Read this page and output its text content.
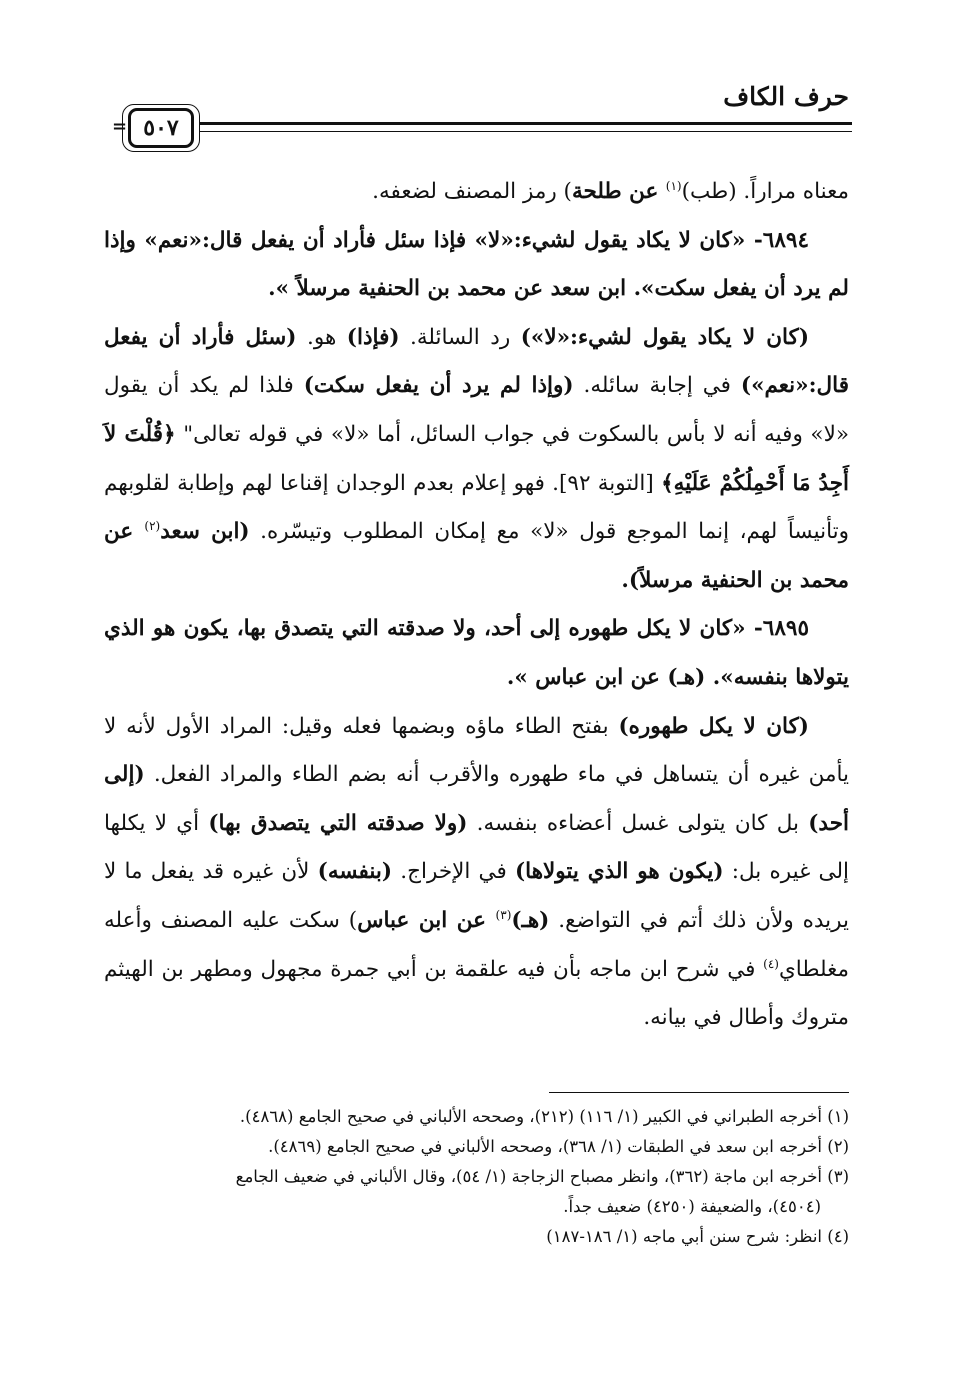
حرف الكاف
٥٠٧
=

معناه مراراً. (طب)$^{(١)}$ عن طلحة) رمز المصنف لضعفه.

٦٨٩٤- «كان لا يكاد يقول لشيء:«لا» فإذا سئل فأراد أن يفعل قال:«نعم» وإذا لم يرد أن يفعل سكت». ابن سعد عن محمد بن الحنفية مرسلاً ».

(كان لا يكاد يقول لشيء:«لا») رد السائلة. (فإذا) هو. (سئل فأراد أن يفعل قال:«نعم») في إجابة سائله. (وإذا لم يرد أن يفعل سكت) فلذا لم يكد أن يقول «لا» وفيه أنه لا بأس بالسكوت في جواب السائل، أما «لا» في قوله تعالى" ﴿قُلْتَ لاَ أَجِدُ مَا أَحْمِلُكُمْ عَلَيْهِ﴾ [التوبة ٩٢]. فهو إعلام بعدم الوجدان إقناعا لهم وإطابة لقلوبهم وتأنيساً لهم، إنما الموجع قول «لا» مع إمكان المطلوب وتيسّره. (ابن سعد$^{(٢)}$ عن محمد بن الحنفية مرسلاً).

٦٨٩٥- «كان لا يكل طهوره إلى أحد، ولا صدقته التي يتصدق بها، يكون هو الذي يتولاها بنفسه». (هـ) عن ابن عباس ».

(كان لا يكل طهوره) بفتح الطاء ماؤه وبضمها فعله وقيل: المراد الأول لأنه لا يأمن غيره أن يتساهل في ماء طهوره والأقرب أنه بضم الطاء والمراد الفعل. (إلى أحد) بل كان يتولى غسل أعضاءه بنفسه. (ولا صدقته التي يتصدق بها) أي لا يكلها إلى غيره بل: (يكون هو الذي يتولاها) في الإخراج. (بنفسه) لأن غيره قد يفعل ما لا يريده ولأن ذلك أتم في التواضع. (هـ)$^{(٣)}$ عن ابن عباس) سكت عليه المصنف وأعله مغلطاي$^{(٤)}$ في شرح ابن ماجه بأن فيه علقمة بن أبي جمرة مجهول ومطهر بن الهيثم متروك وأطال في بيانه.

(١) أخرجه الطبراني في الكبير (١/ ١١٦) (٢١٢)، وصححه الألباني في صحيح الجامع (٤٨٦٨).

(٢) أخرجه ابن سعد في الطبقات (١/ ٣٦٨)، وصححه الألباني في صحيح الجامع (٤٨٦٩).

(٣) أخرجه ابن ماجة (٣٦٢)، وانظر مصباح الزجاجة (١/ ٥٤)، وقال الألباني في ضعيف الجامع

(٤٥٠٤)، والضعيفة (٤٢٥٠) ضعيف جداً.

(٤) انظر: شرح سنن أبي ماجه (١/ ١٨٦-١٨٧)
